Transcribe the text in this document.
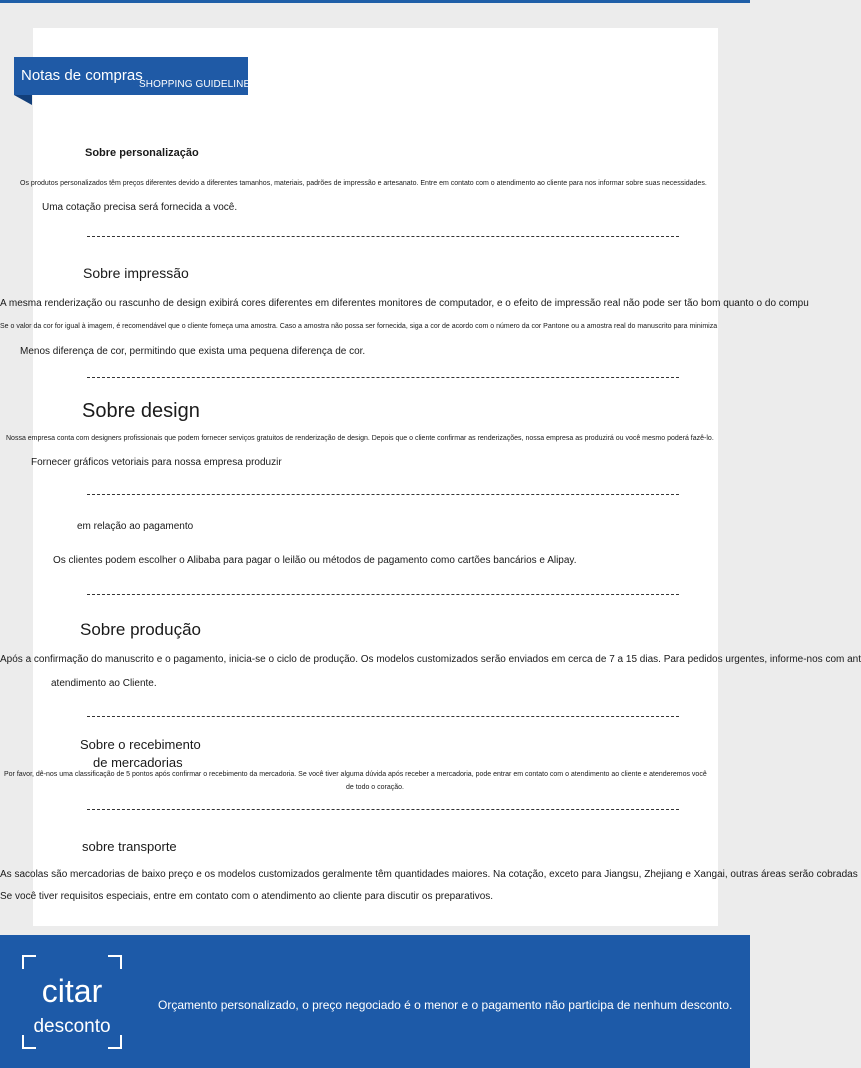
Notas de compras
SHOPPING GUIDELINES
Sobre personalização
Os produtos personalizados têm preços diferentes devido a diferentes tamanhos, materiais, padrões de impressão e artesanato. Entre em contato com o atendimento ao cliente para nos informar sobre suas necessidades.
Uma cotação precisa será fornecida a você.
Sobre impressão
A mesma renderização ou rascunho de design exibirá cores diferentes em diferentes monitores de computador, e o efeito de impressão real não pode ser tão bom quanto o do compu
Se o valor da cor for igual à imagem, é recomendável que o cliente forneça uma amostra. Caso a amostra não possa ser fornecida, siga a cor de acordo com o número da cor Pantone ou a amostra real do manuscrito para minimiza
Menos diferença de cor, permitindo que exista uma pequena diferença de cor.
Sobre design
Nossa empresa conta com designers profissionais que podem fornecer serviços gratuitos de renderização de design. Depois que o cliente confirmar as renderizações, nossa empresa as produzirá ou você mesmo poderá fazê-lo.
Fornecer gráficos vetoriais para nossa empresa produzir
em relação ao pagamento
Os clientes podem escolher o Alibaba para pagar o leilão ou métodos de pagamento como cartões bancários e Alipay.
Sobre produção
Após a confirmação do manuscrito e o pagamento, inicia-se o ciclo de produção. Os modelos customizados serão enviados em cerca de 7 a 15 dias. Para pedidos urgentes, informe-nos com ant
atendimento ao Cliente.
Sobre o recebimento
de mercadorias
Por favor, dê-nos uma classificação de 5 pontos após confirmar o recebimento da mercadoria. Se você tiver alguma dúvida após receber a mercadoria, pode entrar em contato com o atendimento ao cliente e atenderemos você
de todo o coração.
sobre transporte
As sacolas são mercadorias de baixo preço e os modelos customizados geralmente têm quantidades maiores. Na cotação, exceto para Jiangsu, Zhejiang e Xangai, outras áreas serão cobradas
Se você tiver requisitos especiais, entre em contato com o atendimento ao cliente para discutir os preparativos.
citar
desconto
Orçamento personalizado, o preço negociado é o menor e o pagamento não participa de nenhum desconto.
